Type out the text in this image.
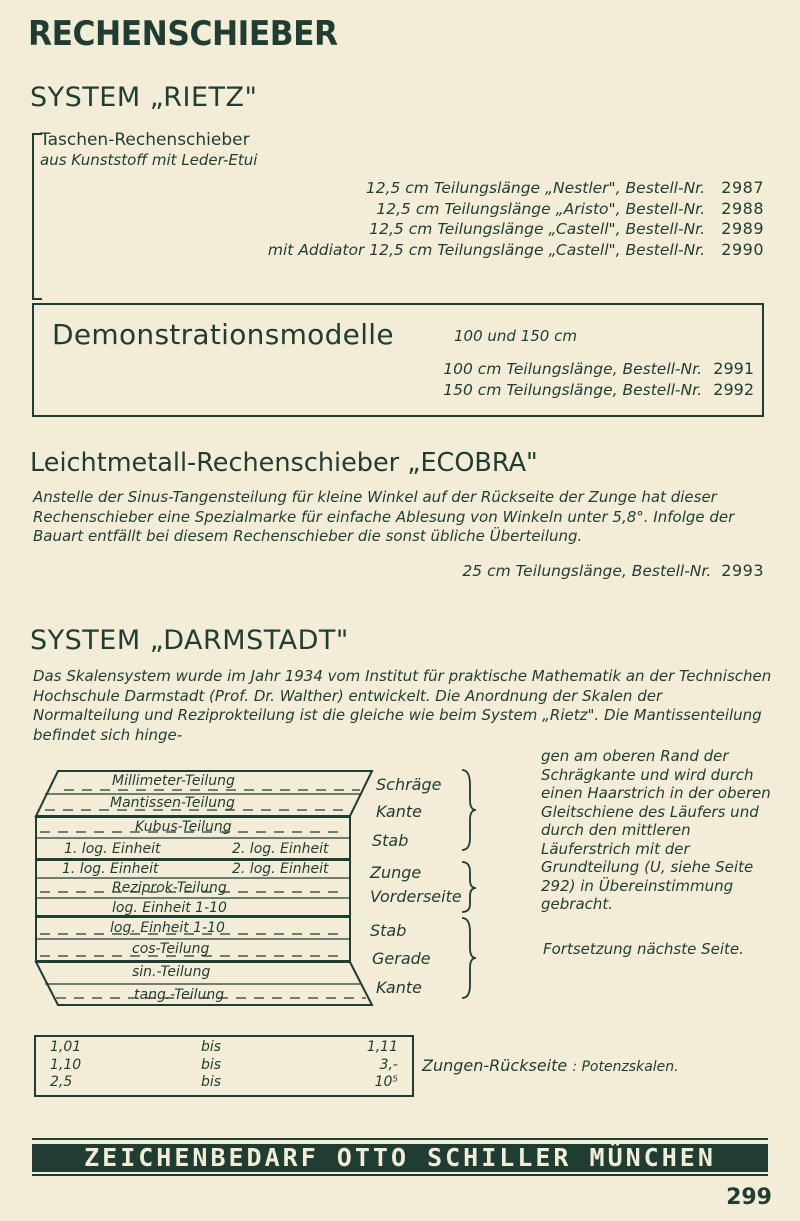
RECHENSCHIEBER
SYSTEM „RIETZ"
Taschen-Rechenschieber
aus Kunststoff mit Leder-Etui
12,5 cm Teilungslänge „Nestler", Bestell-Nr. 2987
12,5 cm Teilungslänge „Aristo", Bestell-Nr. 2988
12,5 cm Teilungslänge „Castell", Bestell-Nr. 2989
mit Addiator 12,5 cm Teilungslänge „Castell", Bestell-Nr. 2990
Demonstrationsmodelle	100 und 150 cm
100 cm Teilungslänge, Bestell-Nr. 2991
150 cm Teilungslänge, Bestell-Nr. 2992
Leichtmetall-Rechenschieber „ECOBRA"
Anstelle der Sinus-Tangensteilung für kleine Winkel auf der Rückseite der Zunge hat dieser Rechenschieber eine Spezialmarke für einfache Ablesung von Winkeln unter 5,8°. Infolge der Bauart entfällt bei diesem Rechenschieber die sonst übliche Überteilung.
25 cm Teilungslänge, Bestell-Nr. 2993
SYSTEM „DARMSTADT"
Das Skalensystem wurde im Jahr 1934 vom Institut für praktische Mathematik an der Technischen Hochschule Darmstadt (Prof. Dr. Walther) entwickelt. Die Anordnung der Skalen der Normalteilung und Reziprokteilung ist die gleiche wie beim System „Rietz". Die Mantissenteilung befindet sich hinge-
gen am oberen Rand der Schrägkante und wird durch einen Haarstrich in der oberen Gleitschiene des Läufers und durch den mittleren Läuferstrich mit der Grundteilung (U, siehe Seite 292) in Übereinstimmung gebracht.
Fortsetzung nächste Seite.
Millimeter-Teilung
Mantissen-Teilung
Kubus-Teilung
1. log. Einheit	2. log. Einheit
1. log. Einheit	2. log. Einheit
Reziprok-Teilung
log. Einheit 1-10
log. Einheit 1-10
cos-Teilung
sin.-Teilung
tang.-Teilung
Schräge
Kante
Stab
Zunge
Vorderseite
Stab
Gerade
Kante
1,01	bis	1,11
1,10	bis	3,-
2,5	bis	10⁵
Zungen-Rückseite : Potenzskalen.
ZEICHENBEDARF OTTO SCHILLER MÜNCHEN
299
